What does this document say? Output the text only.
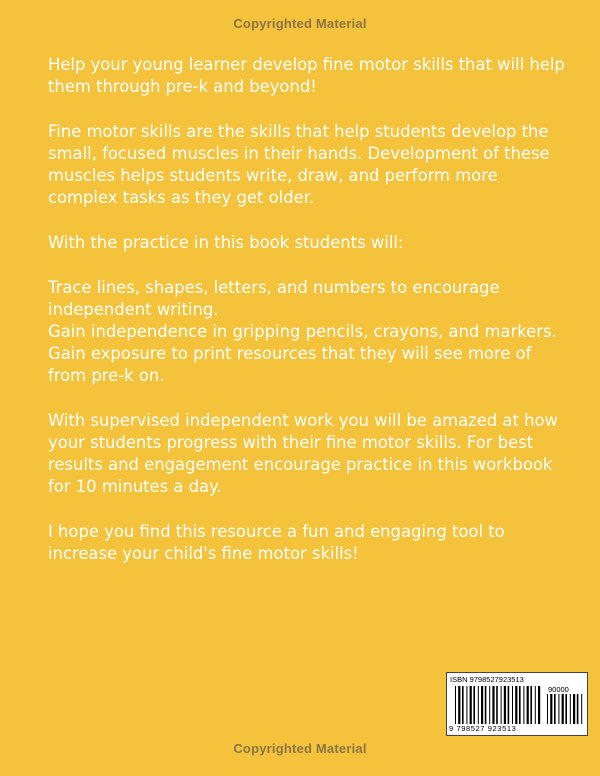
Copyrighted Material

Help your young learner develop fine motor skills that will help them through pre-k and beyond!

Fine motor skills are the skills that help students develop the small, focused muscles in their hands. Development of these muscles helps students write, draw, and perform more complex tasks as they get older.

With the practice in this book students will:

Trace lines, shapes, letters, and numbers to encourage independent writing.
Gain independence in gripping pencils, crayons, and markers.
Gain exposure to print resources that they will see more of from pre-k on.

With supervised independent work you will be amazed at how your students progress with their fine motor skills. For best results and engagement encourage practice in this workbook for 10 minutes a day.

I hope you find this resource a fun and engaging tool to increase your child's fine motor skills!

ISBN 9798527923513
90000
9 798527 923513
Copyrighted Material
